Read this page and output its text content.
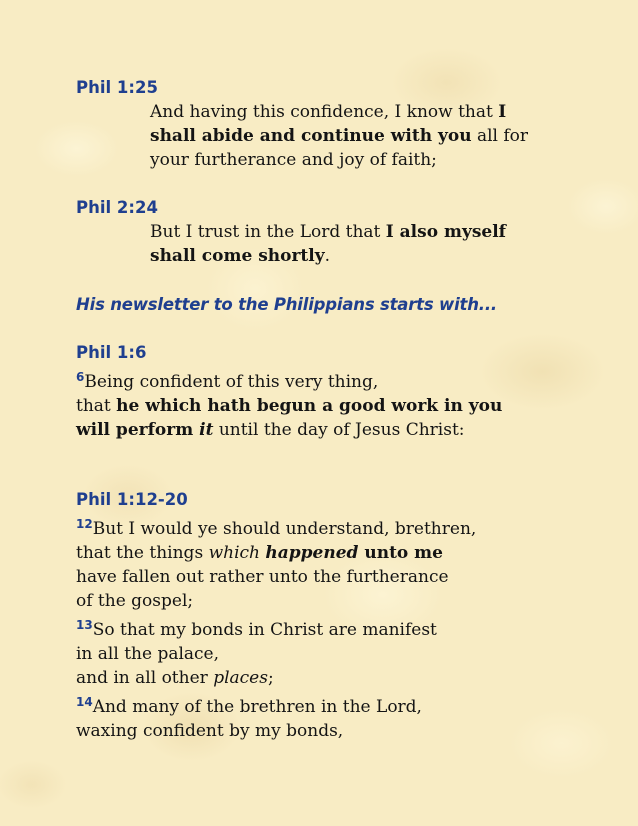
Phil 1:25
And having this confidence, I know that I
shall abide and continue with you all for
your furtherance and joy of faith;
Phil 2:24
But I trust in the Lord that I also myself
shall come shortly.
His newsletter to the Philippians starts with...
Phil 1:6
$^6$Being confident of this very thing,
that he which hath begun a good work in you
will perform it until the day of Jesus Christ:
Phil 1:12-20
$^{12}$But I would ye should understand, brethren,
that the things which happened unto me
have fallen out rather unto the furtherance
of the gospel;
$^{13}$So that my bonds in Christ are manifest
in all the palace,
and in all other places;
$^{14}$And many of the brethren in the Lord,
waxing confident by my bonds,
